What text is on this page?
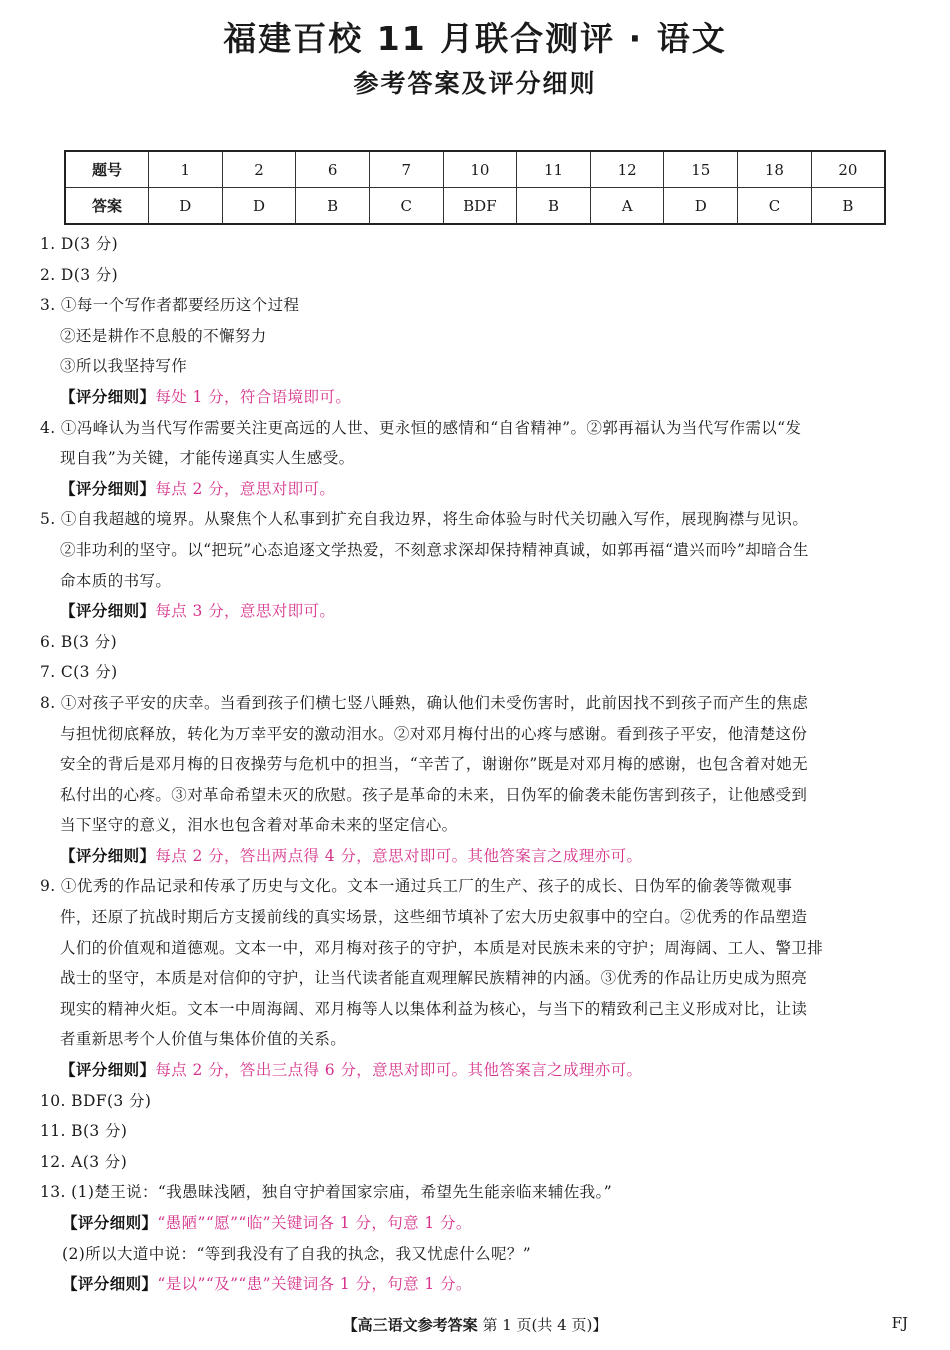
福建百校 11 月联合测评 · 语文
参考答案及评分细则
题号	1	2	6	7	10	11	12	15	18	20
答案	D	D	B	C	BDF	B	A	D	C	B
1. D(3 分)
2. D(3 分)
3. ①每一个写作者都要经历这个过程
②还是耕作不息般的不懈努力
③所以我坚持写作
【评分细则】每处 1 分，符合语境即可。
4. ①冯峰认为当代写作需要关注更高远的人世、更永恒的感情和“自省精神”。②郭再福认为当代写作需以“发
现自我”为关键，才能传递真实人生感受。
【评分细则】每点 2 分，意思对即可。
5. ①自我超越的境界。从聚焦个人私事到扩充自我边界，将生命体验与时代关切融入写作，展现胸襟与见识。
②非功利的坚守。以“把玩”心态追逐文学热爱，不刻意求深却保持精神真诚，如郭再福“遣兴而吟”却暗合生
命本质的书写。
【评分细则】每点 3 分，意思对即可。
6. B(3 分)
7. C(3 分)
8. ①对孩子平安的庆幸。当看到孩子们横七竖八睡熟，确认他们未受伤害时，此前因找不到孩子而产生的焦虑
与担忧彻底释放，转化为万幸平安的激动泪水。②对邓月梅付出的心疼与感谢。看到孩子平安，他清楚这份
安全的背后是邓月梅的日夜操劳与危机中的担当，“辛苦了，谢谢你”既是对邓月梅的感谢，也包含着对她无
私付出的心疼。③对革命希望未灭的欣慰。孩子是革命的未来，日伪军的偷袭未能伤害到孩子，让他感受到
当下坚守的意义，泪水也包含着对革命未来的坚定信心。
【评分细则】每点 2 分，答出两点得 4 分，意思对即可。其他答案言之成理亦可。
9. ①优秀的作品记录和传承了历史与文化。文本一通过兵工厂的生产、孩子的成长、日伪军的偷袭等微观事
件，还原了抗战时期后方支援前线的真实场景，这些细节填补了宏大历史叙事中的空白。②优秀的作品塑造
人们的价值观和道德观。文本一中，邓月梅对孩子的守护，本质是对民族未来的守护；周海阔、工人、警卫排
战士的坚守，本质是对信仰的守护，让当代读者能直观理解民族精神的内涵。③优秀的作品让历史成为照亮
现实的精神火炬。文本一中周海阔、邓月梅等人以集体利益为核心，与当下的精致利己主义形成对比，让读
者重新思考个人价值与集体价值的关系。
【评分细则】每点 2 分，答出三点得 6 分，意思对即可。其他答案言之成理亦可。
10. BDF(3 分)
11. B(3 分)
12. A(3 分)
13. (1)楚王说：“我愚昧浅陋，独自守护着国家宗庙，希望先生能亲临来辅佐我。”
【评分细则】“愚陋”“愿”“临”关键词各 1 分，句意 1 分。
(2)所以大道中说：“等到我没有了自我的执念，我又忧虑什么呢？”
【评分细则】“是以”“及”“患”关键词各 1 分，句意 1 分。
【高三语文参考答案 第 1 页(共 4 页)】	FJ
